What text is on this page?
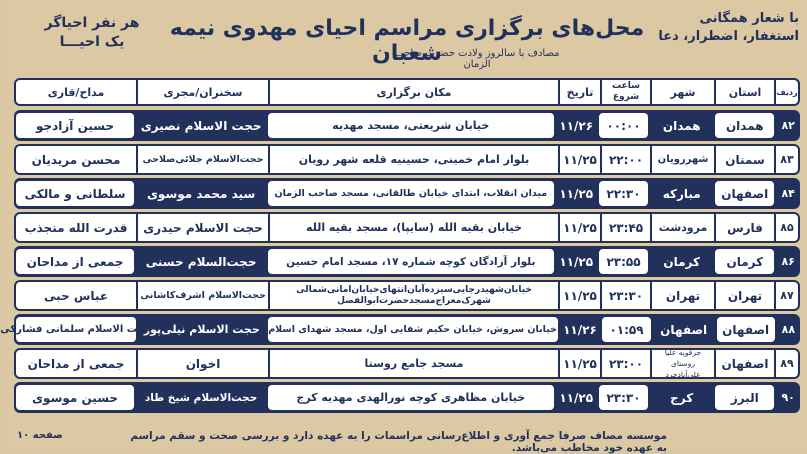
با شعار همگانی
استغفار، اضطرار، دعا
محل‌های برگزاری مراسم احیای مهدوی نیمه شعبان
مصادف با سالروز ولادت حضرت صاحب الزمان
هر نفر احیاگر
یک احیـــا
ردیف
استان
شهر
ساعت شروع
تاریخ
مکان برگزاری
سخنران/مجری
مداح/قاری
۸۲
همدان
همدان
۰۰:۰۰
۱۱/۲۶
خیابان شریعتی، مسجد مهدیه
حجت الاسلام نصیری
حسین آزادجو
۸۳
سمنان
شهررویان
۲۲:۰۰
۱۱/۲۵
بلوار امام خمینی، حسینیه قلعه شهر رویان
حجت‌الاسلام جلائی‌صلاحی
محسن مریدیان
۸۴
اصفهان
مبارکه
۲۲:۳۰
۱۱/۲۵
میدان انقلاب، ابتدای خیابان طالقانی، مسجد صاحب الزمان
سید محمد موسوی
سلطانی و مالکی
۸۵
فارس
مرودشت
۲۳:۴۵
۱۱/۲۵
خیابان بقیه الله (سایپا)، مسجد بقیه الله
حجت الاسلام حیدری
قدرت الله منجذب
۸۶
کرمان
کرمان
۲۳:۵۵
۱۱/۲۵
بلوار آزادگان کوچه شماره ۱۷، مسجد امام حسین
حجت‌السلام حسنی
جمعی از مداحان
۸۷
تهران
تهران
۲۳:۳۰
۱۱/۲۵
خیابان‌شهیدرجایی‌سیزده‌آبان‌انتهای‌خیابان‌امانی‌شمالی شهرک‌معراج‌مسجد‌حضرت‌ابوالفضل
حجت‌الاسلام اشرف‌کاشانی
عباس حبی
۸۸
اصفهان
اصفهان
۰۱:۵۹
۱۱/۲۶
خیابان سروش، خیابان حکیم شفایی اول، مسجد شهدای اسلام
حجت الاسلام نیلی‌پور
حجت الاسلام سلمانی فشارکی
۸۹
اصفهان
جرقویه علیا روستای علی‌آبادجرد
۲۳:۰۰
۱۱/۲۵
مسجد جامع روستا
اخوان
جمعی از مداحان
۹۰
البرز
کرج
۲۳:۳۰
۱۱/۲۵
خیابان مظاهری کوچه نورالهدی مهدیه کرج
حجت‌الاسلام شیخ طاد
حسین موسوی
موسسه مصاف صرفا جمع آوری و اطلاع‌رسانی مراسمات را به عهده دارد و بررسی صحت و سقم مراسم به عهده خود مخاطب می‌باشد.
صفحه ۱۰
